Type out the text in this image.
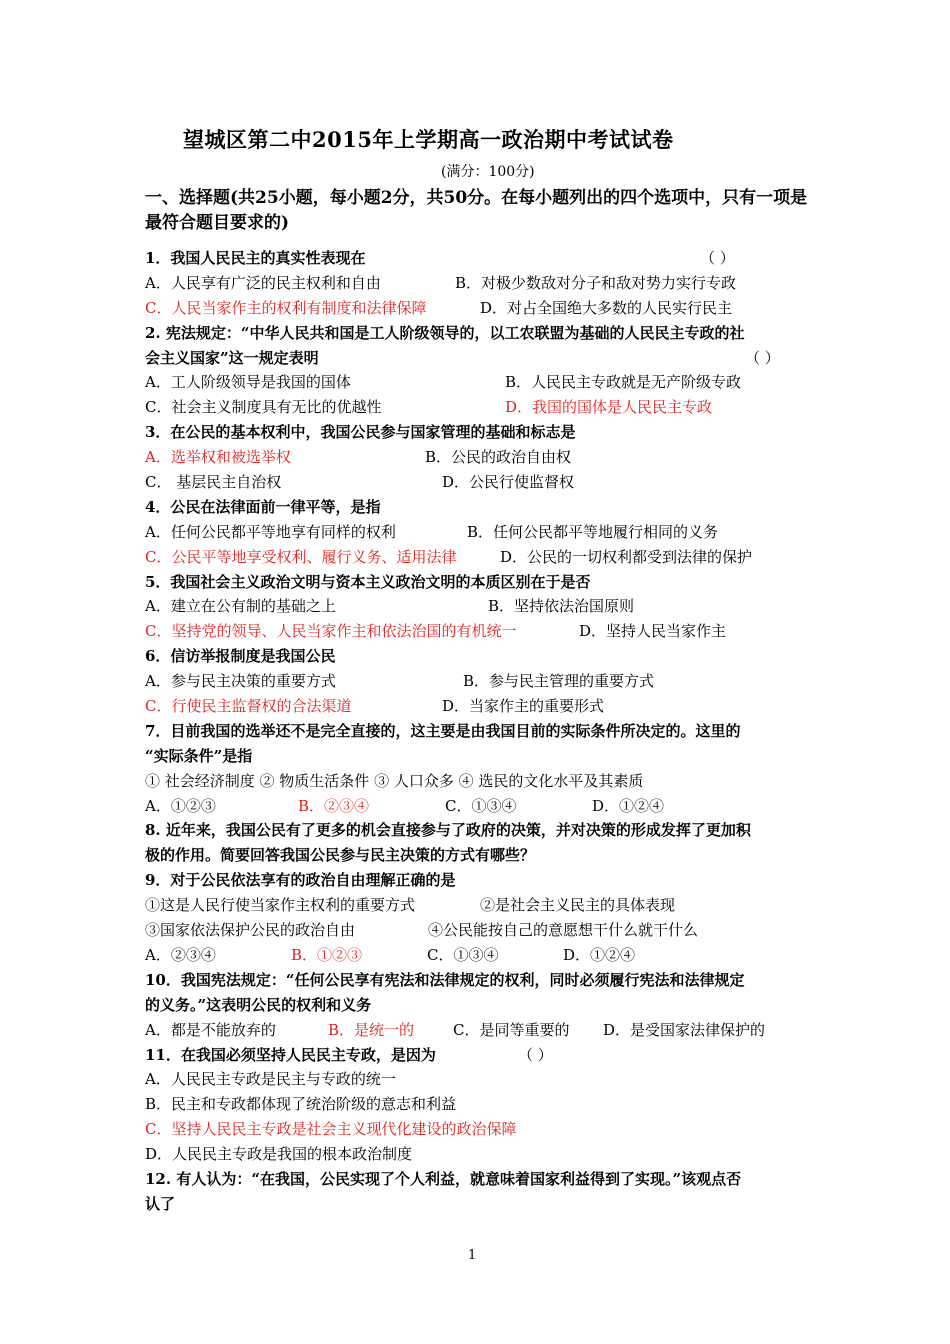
望城区第二中2015年上学期高一政治期中考试试卷
(满分：100分)
一、选择题(共25小题，每小题2分，共50分。在每小题列出的四个选项中，只有一项是最符合题目要求的)
1．我国人民民主的真实性表现在	（ ）
A．人民享有广泛的民主权利和自由	B．对极少数敌对分子和敌对势力实行专政
C．人民当家作主的权利有制度和法律保障	D．对占全国绝大多数的人民实行民主
2. 宪法规定：“中华人民共和国是工人阶级领导的，以工农联盟为基础的人民民主专政的社
会主义国家”这一规定表明	（ ）
A．工人阶级领导是我国的国体	B．人民民主专政就是无产阶级专政
C．社会主义制度具有无比的优越性	D．我国的国体是人民民主专政
3．在公民的基本权利中，我国公民参与国家管理的基础和标志是
A．选举权和被选举权	B．公民的政治自由权
C． 基层民主自治权	D．公民行使监督权
4．公民在法律面前一律平等，是指
A．任何公民都平等地享有同样的权利	B．任何公民都平等地履行相同的义务
C．公民平等地享受权利、履行义务、适用法律	D．公民的一切权利都受到法律的保护
5．我国社会主义政治文明与资本主义政治文明的本质区别在于是否
A．建立在公有制的基础之上	B．坚持依法治国原则
C．坚持党的领导、人民当家作主和依法治国的有机统一	D．坚持人民当家作主
6．信访举报制度是我国公民
A．参与民主决策的重要方式	B．参与民主管理的重要方式
C．行使民主监督权的合法渠道	D．当家作主的重要形式
7．目前我国的选举还不是完全直接的，这主要是由我国目前的实际条件所决定的。这里的
“实际条件”是指
① 社会经济制度 ② 物质生活条件 ③ 人口众多 ④ 选民的文化水平及其素质
A．①②③	B．②③④	C．①③④	D．①②④
8. 近年来，我国公民有了更多的机会直接参与了政府的决策，并对决策的形成发挥了更加积
极的作用。简要回答我国公民参与民主决策的方式有哪些？
9．对于公民依法享有的政治自由理解正确的是
①这是人民行使当家作主权利的重要方式	②是社会主义民主的具体表现
③国家依法保护公民的政治自由	④公民能按自己的意愿想干什么就干什么
A．②③④	B．①②③	C．①③④	D．①②④
10．我国宪法规定：“任何公民享有宪法和法律规定的权利，同时必须履行宪法和法律规定
的义务。”这表明公民的权利和义务
A．都是不能放弃的	B．是统一的	C．是同等重要的 D．是受国家法律保护的
11．在我国必须坚持人民民主专政，是因为	（ ）
A．人民民主专政是民主与专政的统一
B．民主和专政都体现了统治阶级的意志和利益
C．坚持人民民主专政是社会主义现代化建设的政治保障
D．人民民主专政是我国的根本政治制度
12. 有人认为：“在我国，公民实现了个人利益，就意味着国家利益得到了实现。”该观点否
认了
1
